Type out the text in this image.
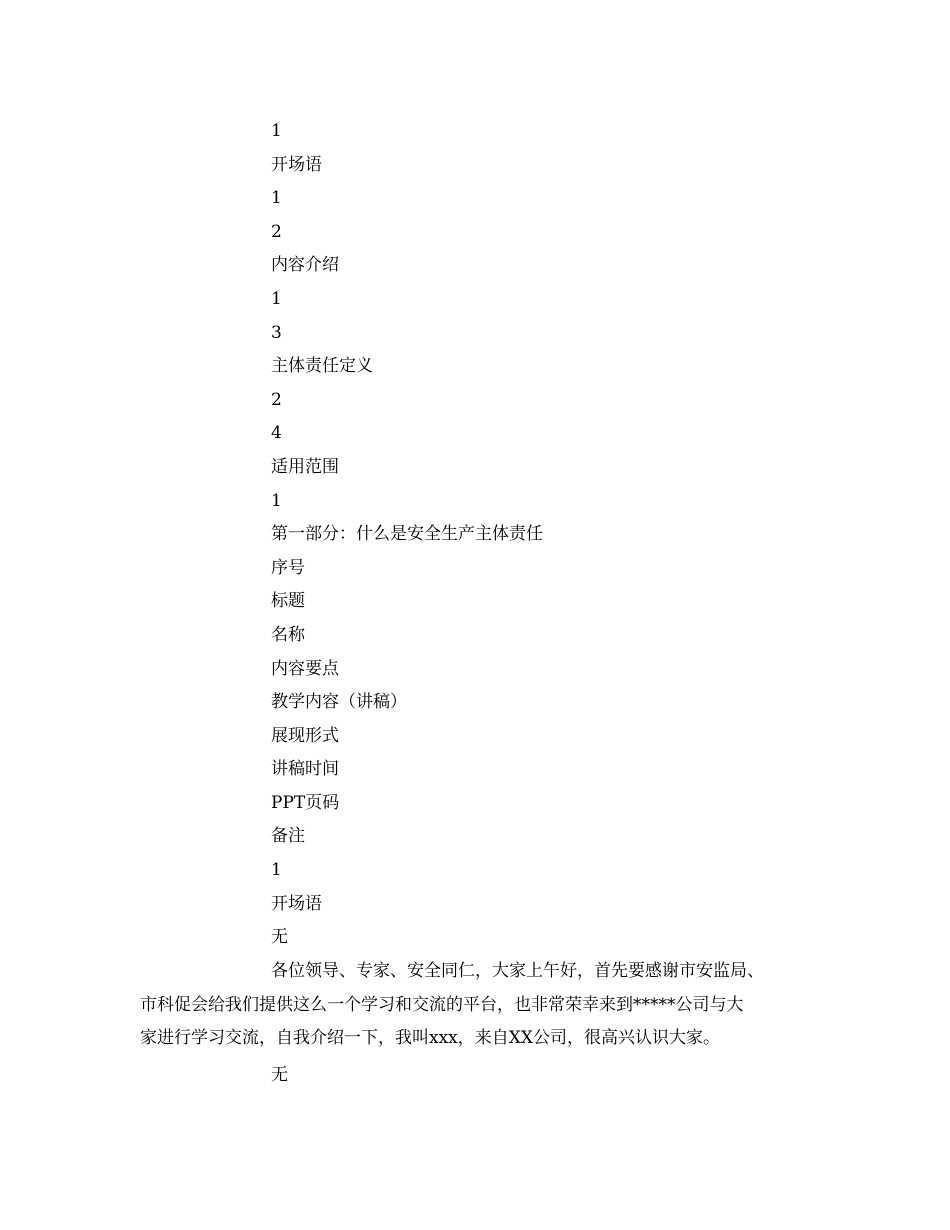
1
开场语
1
2
内容介绍
1
3
主体责任定义
2
4
适用范围
1
第一部分：什么是安全生产主体责任
序号
标题
名称
内容要点
教学内容（讲稿）
展现形式
讲稿时间
PPT页码
备注
1
开场语
无
各位领导、专家、安全同仁，大家上午好，首先要感谢市安监局、
市科促会给我们提供这么一个学习和交流的平台，也非常荣幸来到*****公司与大
家进行学习交流，自我介绍一下，我叫xxx，来自XX公司，很高兴认识大家。
无
